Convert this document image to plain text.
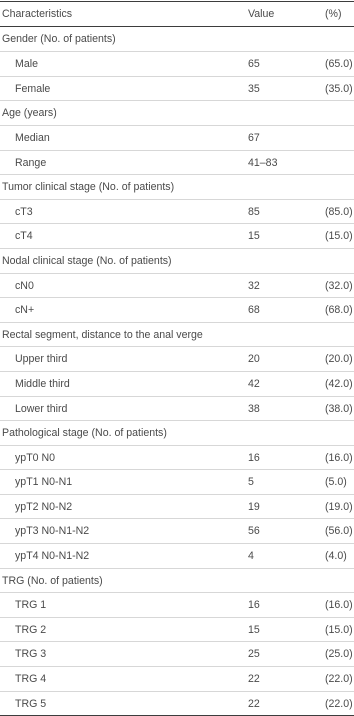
Characteristics	Value	(%)
Gender (No. of patients)
Male	65	(65.0)
Female	35	(35.0)
Age (years)
Median	67
Range	41–83
Tumor clinical stage (No. of patients)
cT3	85	(85.0)
cT4	15	(15.0)
Nodal clinical stage (No. of patients)
cN0	32	(32.0)
cN+	68	(68.0)
Rectal segment, distance to the anal verge
Upper third	20	(20.0)
Middle third	42	(42.0)
Lower third	38	(38.0)
Pathological stage (No. of patients)
ypT0 N0	16	(16.0)
ypT1 N0-N1	5	(5.0)
ypT2 N0-N2	19	(19.0)
ypT3 N0-N1-N2	56	(56.0)
ypT4 N0-N1-N2	4	(4.0)
TRG (No. of patients)
TRG 1	16	(16.0)
TRG 2	15	(15.0)
TRG 3	25	(25.0)
TRG 4	22	(22.0)
TRG 5	22	(22.0)
